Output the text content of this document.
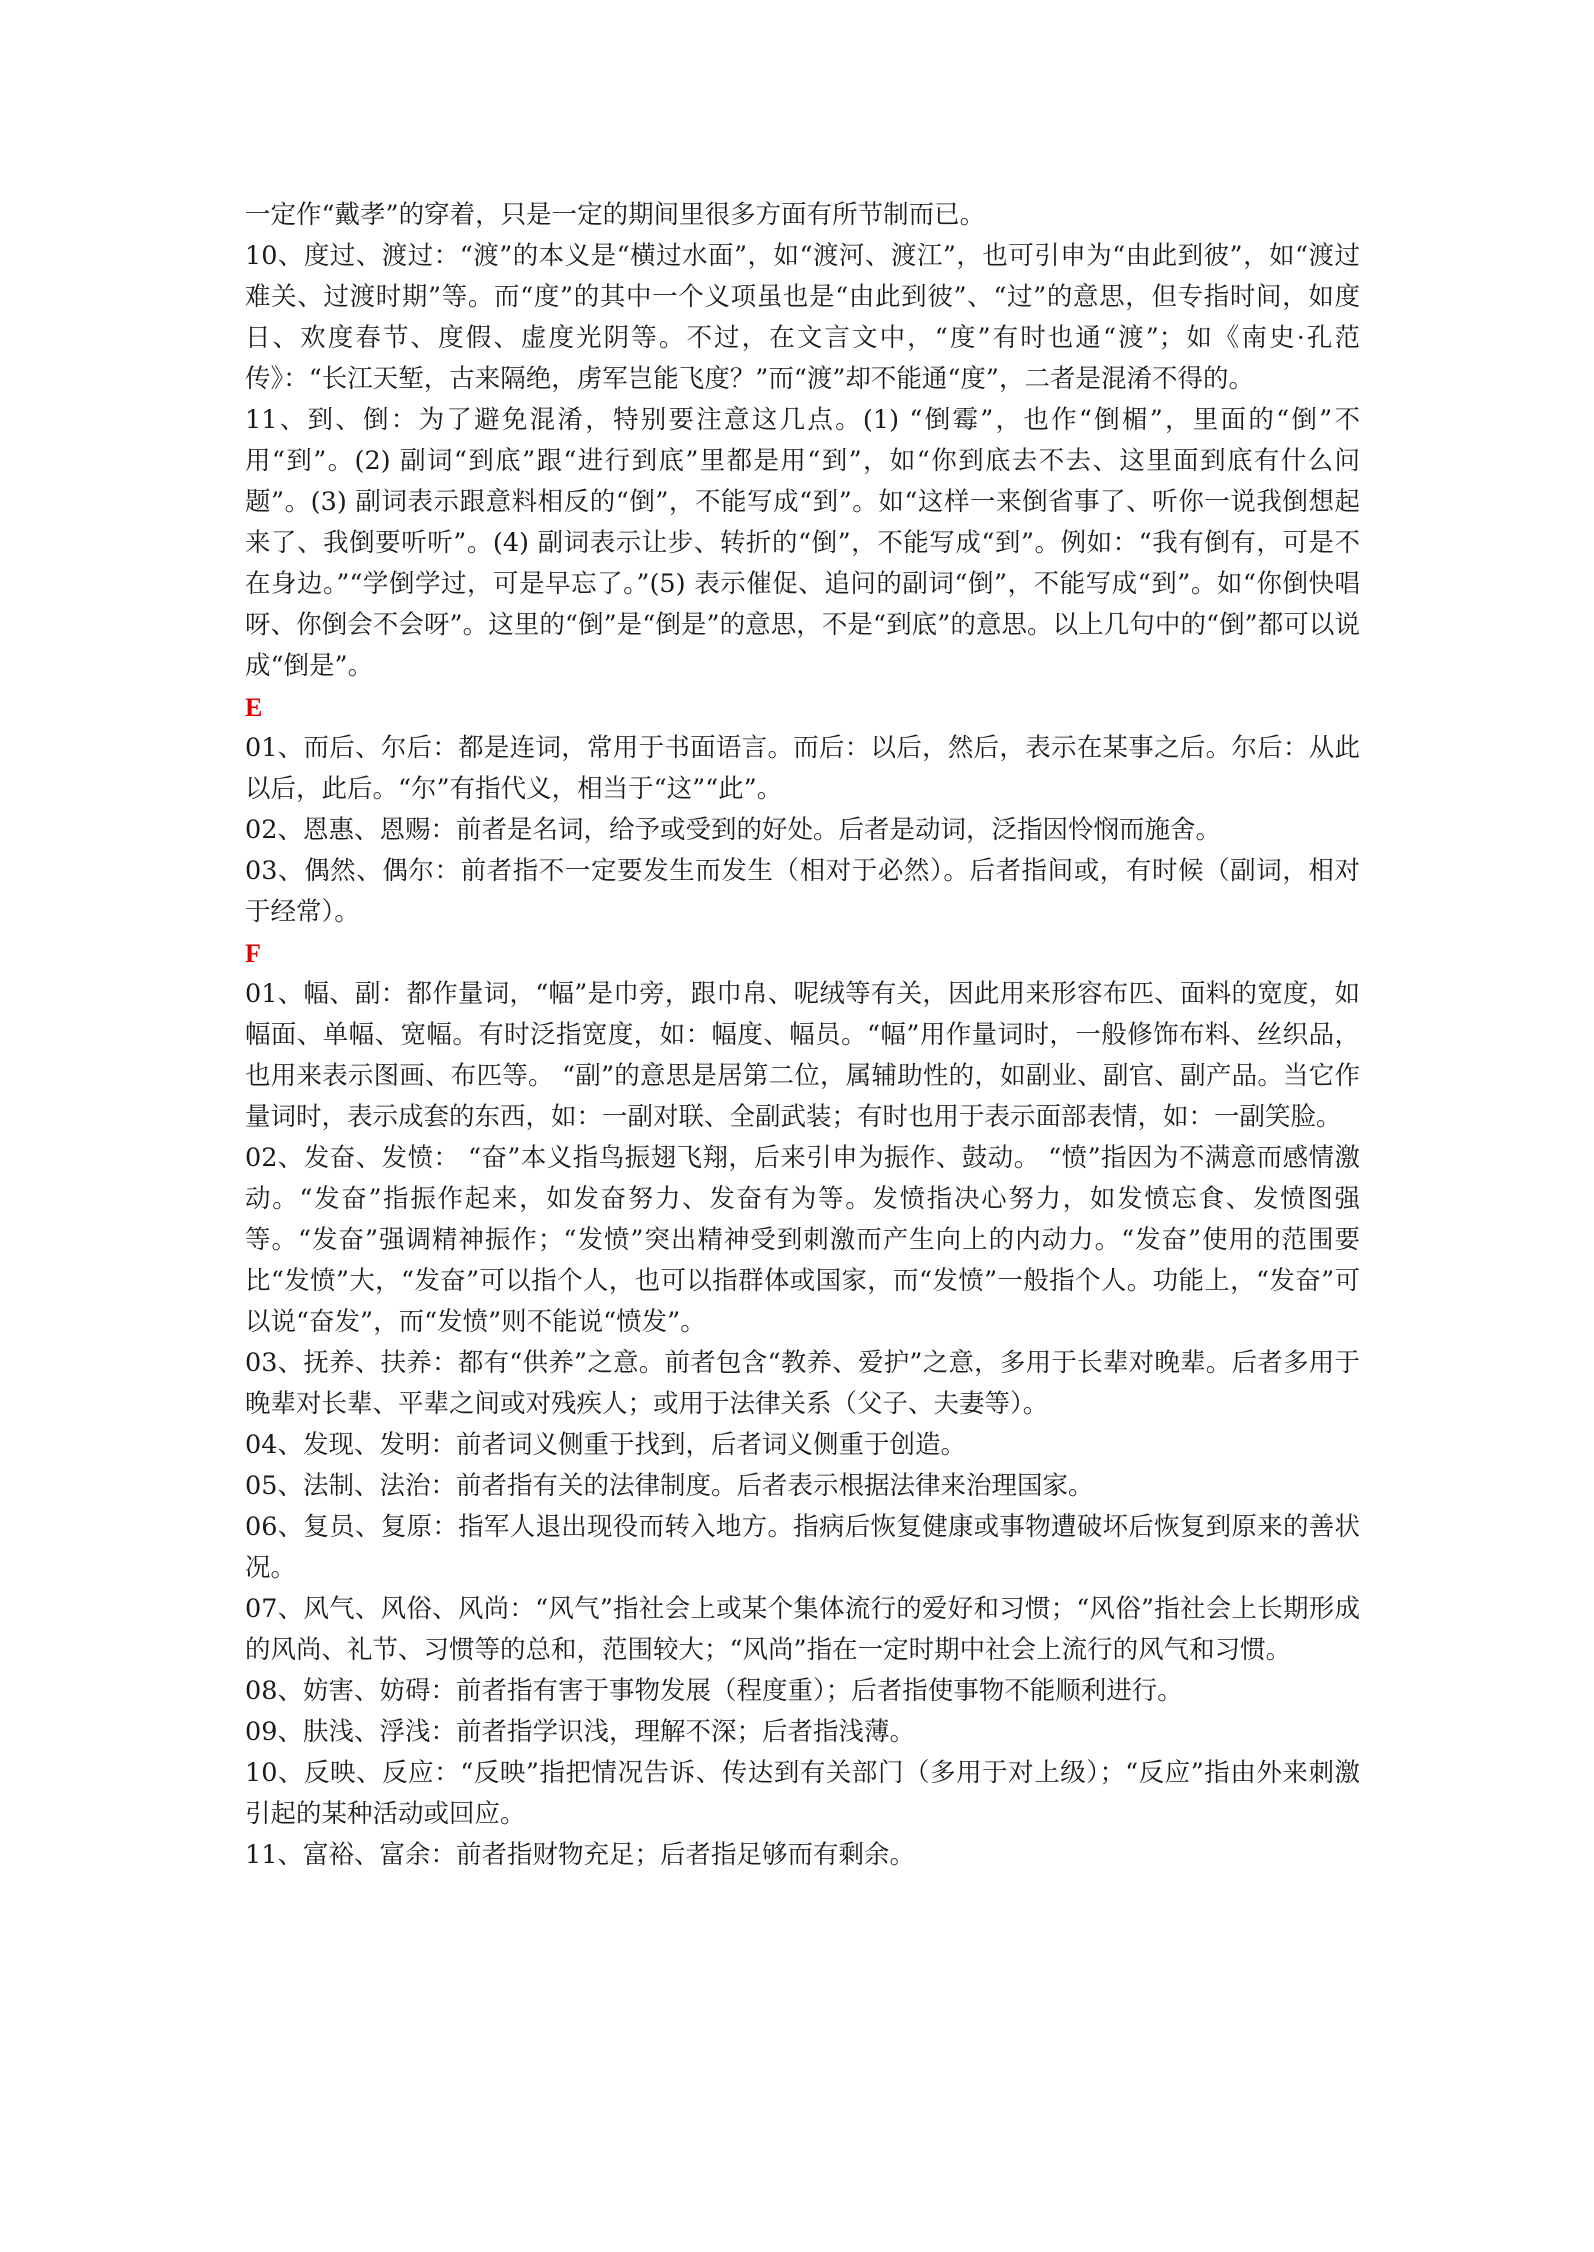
一定作“戴孝”的穿着，只是一定的期间里很多方面有所节制而已。

10、度过、渡过：“渡”的本义是“横过水面”，如“渡河、渡江”，也可引申为“由此到彼”，如“渡过难关、过渡时期”等。而“度”的其中一个义项虽也是“由此到彼”、“过”的意思，但专指时间，如度日、欢度春节、度假、虚度光阴等。不过，在文言文中，“度”有时也通“渡”；如《南史·孔范传》：“长江天堑，古来隔绝，虏军岂能飞度？”而“渡”却不能通“度”，二者是混淆不得的。

11、到、倒：为了避免混淆，特别要注意这几点。(1) “倒霉”，也作“倒楣”，里面的“倒”不用“到”。(2) 副词“到底”跟“进行到底”里都是用“到”，如“你到底去不去、这里面到底有什么问题”。(3) 副词表示跟意料相反的“倒”，不能写成“到”。如“这样一来倒省事了、听你一说我倒想起来了、我倒要听听”。(4) 副词表示让步、转折的“倒”，不能写成“到”。例如：“我有倒有，可是不在身边。”“学倒学过，可是早忘了。”(5) 表示催促、追问的副词“倒”，不能写成“到”。如“你倒快唱呀、你倒会不会呀”。这里的“倒”是“倒是”的意思，不是“到底”的意思。以上几句中的“倒”都可以说成“倒是”。

E

01、而后、尔后：都是连词，常用于书面语言。而后：以后，然后，表示在某事之后。尔后：从此以后，此后。“尔”有指代义，相当于“这”“此”。

02、恩惠、恩赐：前者是名词，给予或受到的好处。后者是动词，泛指因怜悯而施舍。

03、偶然、偶尔：前者指不一定要发生而发生（相对于必然）。后者指间或，有时候（副词，相对于经常）。

F

01、幅、副：都作量词，“幅”是巾旁，跟巾帛、呢绒等有关，因此用来形容布匹、面料的宽度，如幅面、单幅、宽幅。有时泛指宽度，如：幅度、幅员。“幅”用作量词时，一般修饰布料、丝织品，也用来表示图画、布匹等。 “副”的意思是居第二位，属辅助性的，如副业、副官、副产品。当它作量词时，表示成套的东西，如：一副对联、全副武装；有时也用于表示面部表情，如：一副笑脸。

02、发奋、发愤： “奋”本义指鸟振翅飞翔，后来引申为振作、鼓动。 “愤”指因为不满意而感情激动。“发奋”指振作起来，如发奋努力、发奋有为等。发愤指决心努力，如发愤忘食、发愤图强等。“发奋”强调精神振作；“发愤”突出精神受到刺激而产生向上的内动力。“发奋”使用的范围要比“发愤”大，“发奋”可以指个人，也可以指群体或国家，而“发愤”一般指个人。功能上，“发奋”可以说“奋发”，而“发愤”则不能说“愤发”。

03、抚养、扶养：都有“供养”之意。前者包含“教养、爱护”之意，多用于长辈对晚辈。后者多用于晚辈对长辈、平辈之间或对残疾人；或用于法律关系（父子、夫妻等）。

04、发现、发明：前者词义侧重于找到，后者词义侧重于创造。

05、法制、法治：前者指有关的法律制度。后者表示根据法律来治理国家。

06、复员、复原：指军人退出现役而转入地方。指病后恢复健康或事物遭破坏后恢复到原来的善状况。

07、风气、风俗、风尚：“风气”指社会上或某个集体流行的爱好和习惯；“风俗”指社会上长期形成的风尚、礼节、习惯等的总和，范围较大；“风尚”指在一定时期中社会上流行的风气和习惯。

08、妨害、妨碍：前者指有害于事物发展（程度重）；后者指使事物不能顺利进行。

09、肤浅、浮浅：前者指学识浅，理解不深；后者指浅薄。

10、反映、反应：“反映”指把情况告诉、传达到有关部门（多用于对上级）；“反应”指由外来刺激引起的某种活动或回应。

11、富裕、富余：前者指财物充足；后者指足够而有剩余。
